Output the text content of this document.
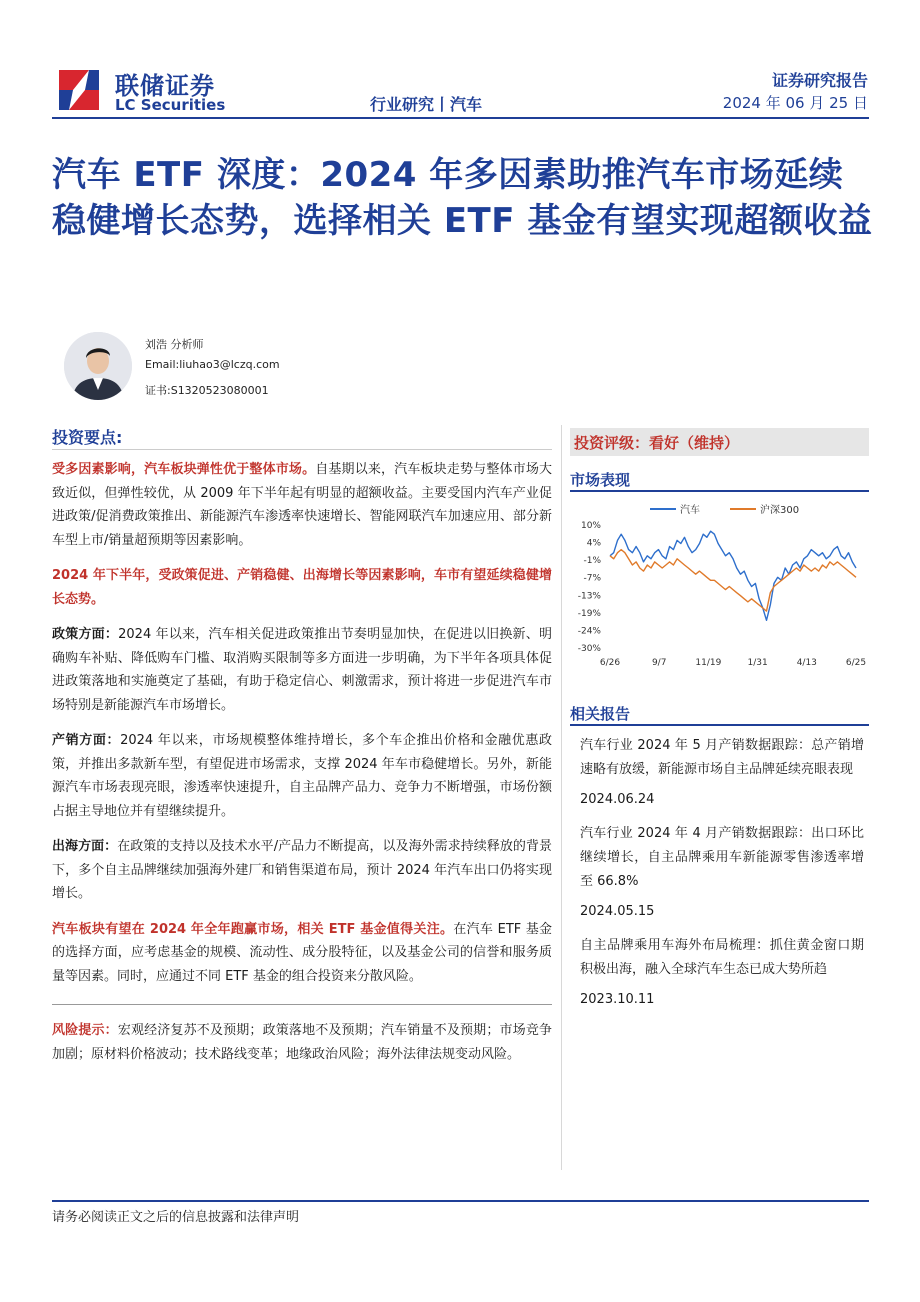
联储证券
LC Securities	行业研究丨汽车
证券研究报告
2024 年 06 月 25 日
汽车 ETF 深度：2024 年多因素助推汽车市场延续稳健增长态势，选择相关 ETF 基金有望实现超额收益
刘浩 分析师
Email:liuhao3@lczq.com
证书:S1320523080001
投资要点:

受多因素影响，汽车板块弹性优于整体市场。自基期以来，汽车板块走势与整体市场大致近似，但弹性较优，从 2009 年下半年起有明显的超额收益。主要受国内汽车产业促进政策/促消费政策推出、新能源汽车渗透率快速增长、智能网联汽车加速应用、部分新车型上市/销量超预期等因素影响。

2024 年下半年，受政策促进、产销稳健、出海增长等因素影响，车市有望延续稳健增长态势。

政策方面：2024 年以来，汽车相关促进政策推出节奏明显加快，在促进以旧换新、明确购车补贴、降低购车门槛、取消购买限制等多方面进一步明确，为下半年各项具体促进政策落地和实施奠定了基础，有助于稳定信心、刺激需求，预计将进一步促进汽车市场特别是新能源汽车市场增长。

产销方面：2024 年以来，市场规模整体维持增长，多个车企推出价格和金融优惠政策，并推出多款新车型，有望促进市场需求，支撑 2024 年车市稳健增长。另外，新能源汽车市场表现亮眼，渗透率快速提升，自主品牌产品力、竞争力不断增强，市场份额占据主导地位并有望继续提升。

出海方面：在政策的支持以及技术水平/产品力不断提高，以及海外需求持续释放的背景下，多个自主品牌继续加强海外建厂和销售渠道布局，预计 2024 年汽车出口仍将实现增长。

汽车板块有望在 2024 年全年跑赢市场，相关 ETF 基金值得关注。在汽车 ETF 基金的选择方面，应考虑基金的规模、流动性、成分股特征，以及基金公司的信誉和服务质量等因素。同时，应通过不同 ETF 基金的组合投资来分散风险。

风险提示：宏观经济复苏不及预期；政策落地不及预期；汽车销量不及预期；市场竞争加剧；原材料价格波动；技术路线变革；地缘政治风险；海外法律法规变动风险。

投资评级：看好（维持）
市场表现
汽车	沪深300
10%
4%
-1%
-7%
-13%
-19%
-24%
-30%
6/26	9/7	11/19	1/31	4/13	6/25
相关报告
汽车行业 2024 年 5 月产销数据跟踪：总产销增速略有放缓，新能源市场自主品牌延续亮眼表现
2024.06.24
汽车行业 2024 年 4 月产销数据跟踪：出口环比继续增长，自主品牌乘用车新能源零售渗透率增至 66.8%
2024.05.15
自主品牌乘用车海外布局梳理：抓住黄金窗口期积极出海，融入全球汽车生态已成大势所趋
2023.10.11
请务必阅读正文之后的信息披露和法律声明
